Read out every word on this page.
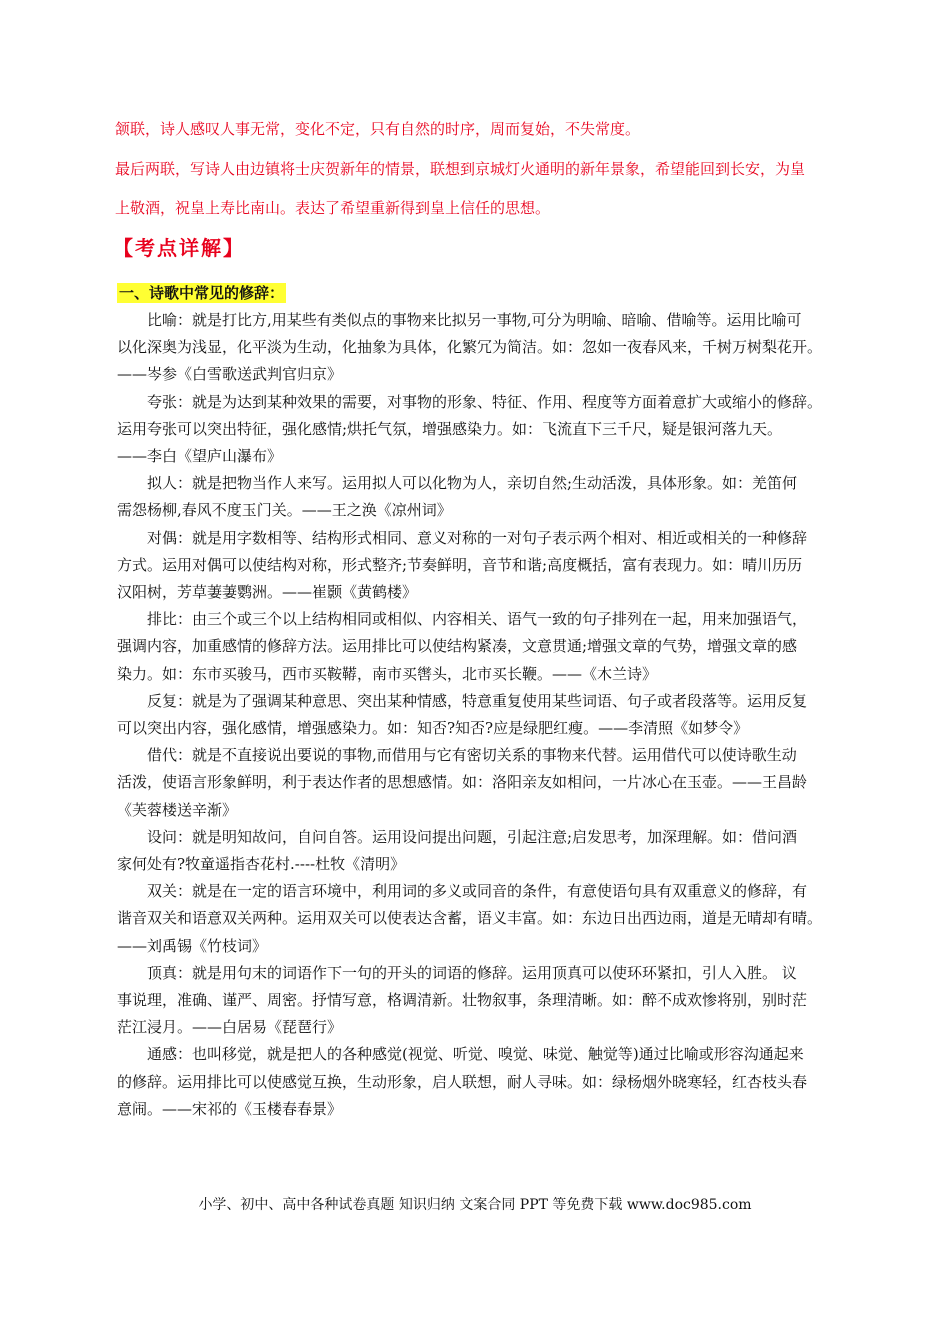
颔联，诗人感叹人事无常，变化不定，只有自然的时序，周而复始，不失常度。
最后两联，写诗人由边镇将士庆贺新年的情景，联想到京城灯火通明的新年景象，希望能回到长安，为皇
上敬酒，祝皇上寿比南山。表达了希望重新得到皇上信任的思想。
【考点详解】
一、诗歌中常见的修辞：

比喻：就是打比方,用某些有类似点的事物来比拟另一事物,可分为明喻、暗喻、借喻等。运用比喻可
以化深奥为浅显，化平淡为生动，化抽象为具体，化繁冗为简洁。如：忽如一夜春风来，千树万树梨花开。
——岑参《白雪歌送武判官归京》

夸张：就是为达到某种效果的需要，对事物的形象、特征、作用、程度等方面着意扩大或缩小的修辞。
运用夸张可以突出特征，强化感情;烘托气氛，增强感染力。如：飞流直下三千尺，疑是银河落九天。
——李白《望庐山瀑布》

拟人：就是把物当作人来写。运用拟人可以化物为人，亲切自然;生动活泼，具体形象。如：羌笛何
需怨杨柳,春风不度玉门关。——王之涣《凉州词》

对偶：就是用字数相等、结构形式相同、意义对称的一对句子表示两个相对、相近或相关的一种修辞
方式。运用对偶可以使结构对称，形式整齐;节奏鲜明，音节和谐;高度概括，富有表现力。如：晴川历历
汉阳树，芳草萋萋鹦洲。——崔颢《黄鹤楼》

排比：由三个或三个以上结构相同或相似、内容相关、语气一致的句子排列在一起，用来加强语气，
强调内容，加重感情的修辞方法。运用排比可以使结构紧凑，文意贯通;增强文章的气势，增强文章的感
染力。如：东市买骏马，西市买鞍鞯，南市买辔头，北市买长鞭。——《木兰诗》

反复：就是为了强调某种意思、突出某种情感，特意重复使用某些词语、句子或者段落等。运用反复
可以突出内容，强化感情，增强感染力。如：知否?知否?应是绿肥红瘦。——李清照《如梦令》

借代：就是不直接说出要说的事物,而借用与它有密切关系的事物来代替。运用借代可以使诗歌生动
活泼，使语言形象鲜明，利于表达作者的思想感情。如：洛阳亲友如相问，一片冰心在玉壶。——王昌龄
《芙蓉楼送辛渐》

设问：就是明知故问，自问自答。运用设问提出问题，引起注意;启发思考，加深理解。如：借问酒
家何处有?牧童遥指杏花村.----杜牧《清明》

双关：就是在一定的语言环境中，利用词的多义或同音的条件，有意使语句具有双重意义的修辞，有
谐音双关和语意双关两种。运用双关可以使表达含蓄，语义丰富。如：东边日出西边雨，道是无晴却有晴。
——刘禹锡《竹枝词》

顶真：就是用句末的词语作下一句的开头的词语的修辞。运用顶真可以使环环紧扣，引人入胜。 议
事说理，准确、谨严、周密。抒情写意，格调清新。壮物叙事，条理清晰。如：醉不成欢惨将别，别时茫
茫江浸月。——白居易《琵琶行》

通感：也叫移觉，就是把人的各种感觉(视觉、听觉、嗅觉、味觉、触觉等)通过比喻或形容沟通起来
的修辞。运用排比可以使感觉互换，生动形象，启人联想，耐人寻味。如：绿杨烟外晓寒轻，红杏枝头春
意闹。——宋祁的《玉楼春春景》

小学、初中、高中各种试卷真题 知识归纳 文案合同 PPT 等免费下载 www.doc985.com
